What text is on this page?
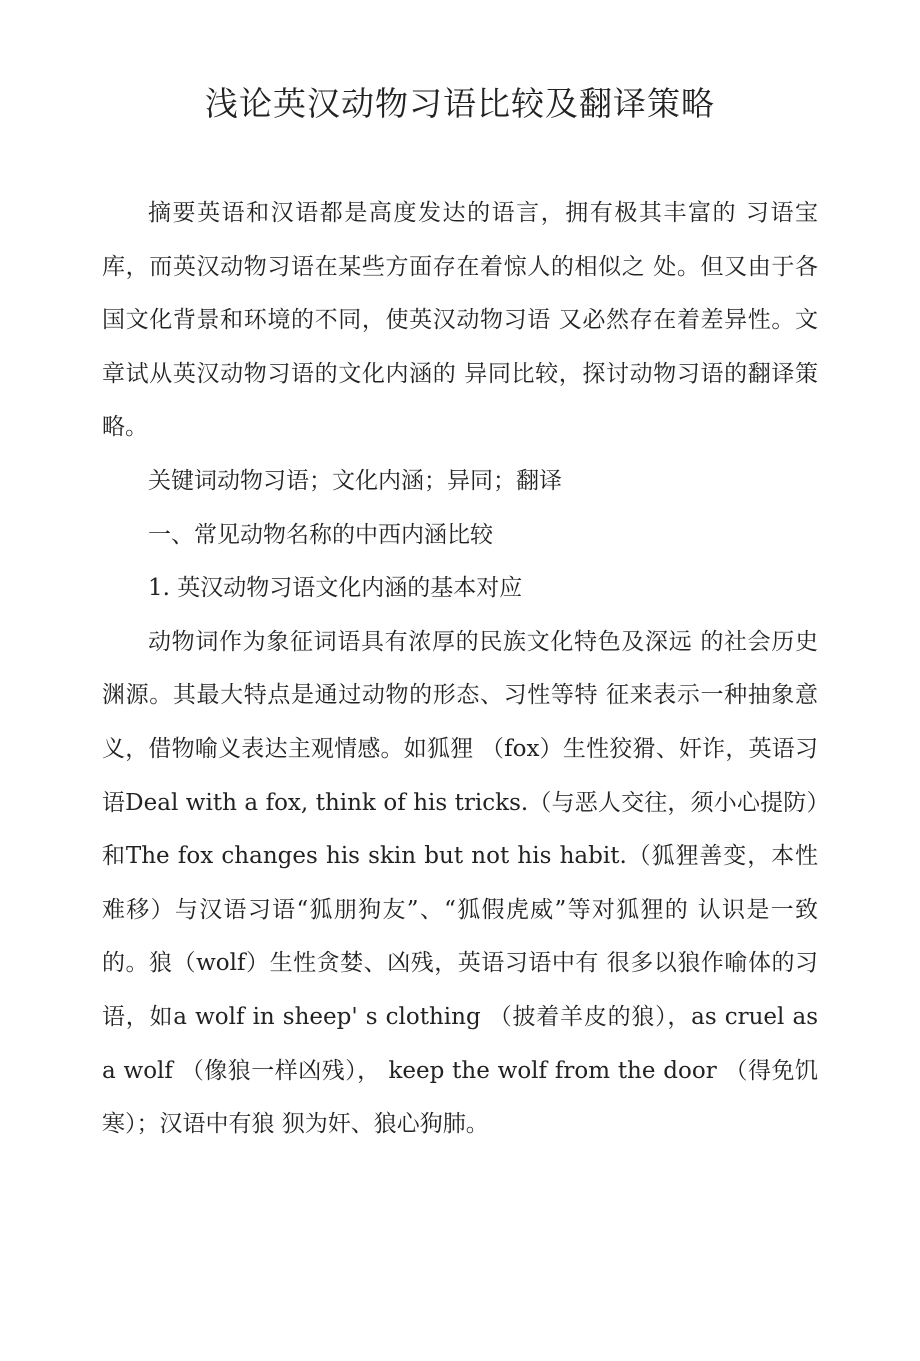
浅论英汉动物习语比较及翻译策略

摘要英语和汉语都是高度发达的语言，拥有极其丰富的 习语宝库，而英汉动物习语在某些方面存在着惊人的相似之 处。但又由于各国文化背景和环境的不同，使英汉动物习语 又必然存在着差异性。文章试从英汉动物习语的文化内涵的 异同比较，探讨动物习语的翻译策略。

关键词动物习语；文化内涵；异同；翻译

一、常见动物名称的中西内涵比较

1. 英汉动物习语文化内涵的基本对应

动物词作为象征词语具有浓厚的民族文化特色及深远 的社会历史渊源。其最大特点是通过动物的形态、习性等特 征来表示一种抽象意义，借物喻义表达主观情感。如狐狸 （fox）生性狡猾、奸诈，英语习语Deal with a fox, think of his tricks.（与恶人交往，须小心提防）和The fox changes his skin but not his habit.（狐狸善变，本性 难移）与汉语习语“狐朋狗友”、“狐假虎威”等对狐狸的 认识是一致的。狼（wolf）生性贪婪、凶残，英语习语中有 很多以狼作喻体的习语，如a wolf in sheep' s clothing （披着羊皮的狼），as cruel as a wolf （像狼一样凶残）， keep the wolf from the door （得免饥寒）；汉语中有狼 狈为奸、狼心狗肺。
